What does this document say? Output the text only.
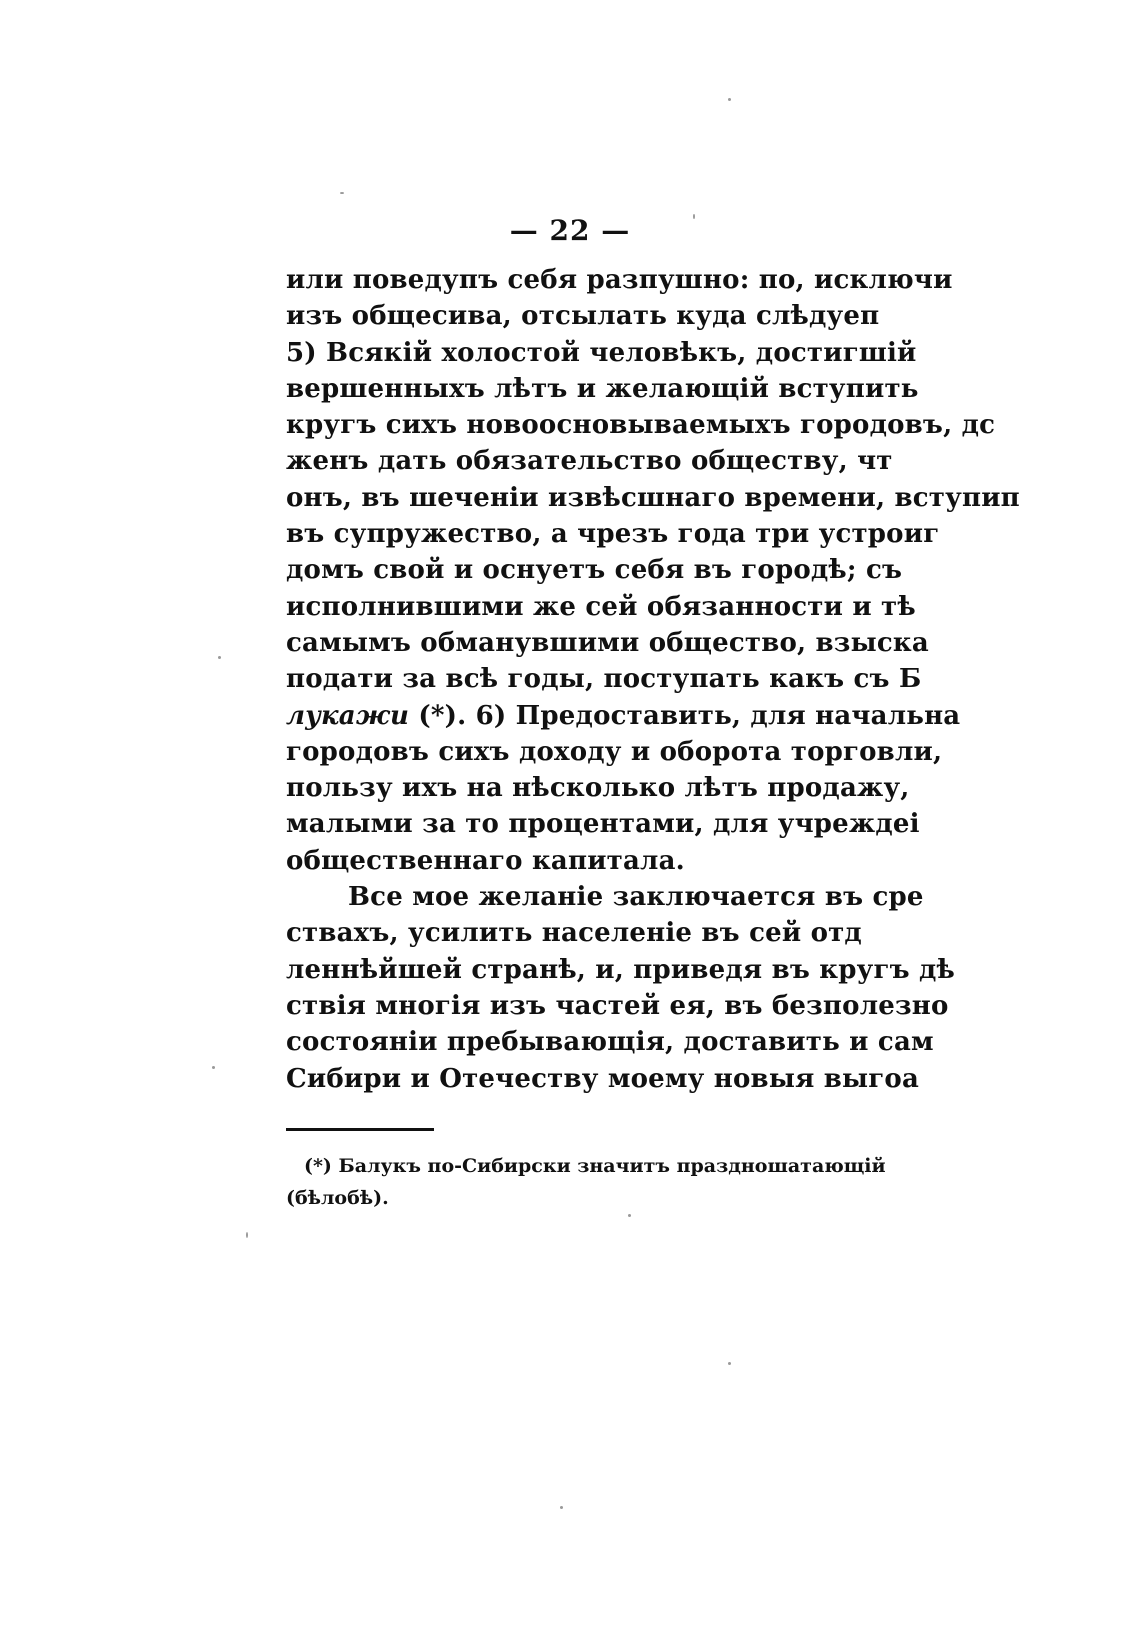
— 22 —
или поведупъ себя разпушно: по, исключи
изъ общесива, отсылать куда слѣдуеп
5) Всякій холостой человѣкъ, достигшій
вершенныхъ лѣтъ и желающій вступить
кругъ сихъ новоосновываемыхъ городовъ, дс
женъ дать обязательство обществу, чт
онъ, въ шеченіи извѣсшнаго времени, вступип
въ супружество, а чрезъ года три устроиг
домъ свой и оснуетъ себя въ городѣ; съ
исполнившими же сей обязанности и тѣ
самымъ обманувшими общество, взыска
подати за всѣ годы, поступать какъ съ Б
лукажи (*). 6) Предоставить, для начальна
городовъ сихъ доходу и оборота торговли,
пользу ихъ на нѣсколько лѣтъ продажу,
малыми за то процентами, для учреждеі
общественнаго капитала.
Все мое желаніе заключается въ сре
ствахъ, усилить населеніе въ сей отд
леннѣйшей странѣ, и, приведя въ кругъ дѣ
ствія многія изъ частей ея, въ безполезно
состояніи пребывающія, доставить и сам
Сибири и Отечеству моему новыя выгоа
(*) Балукъ по-Сибирски значитъ праздношатающій
(бѣлобѣ).
